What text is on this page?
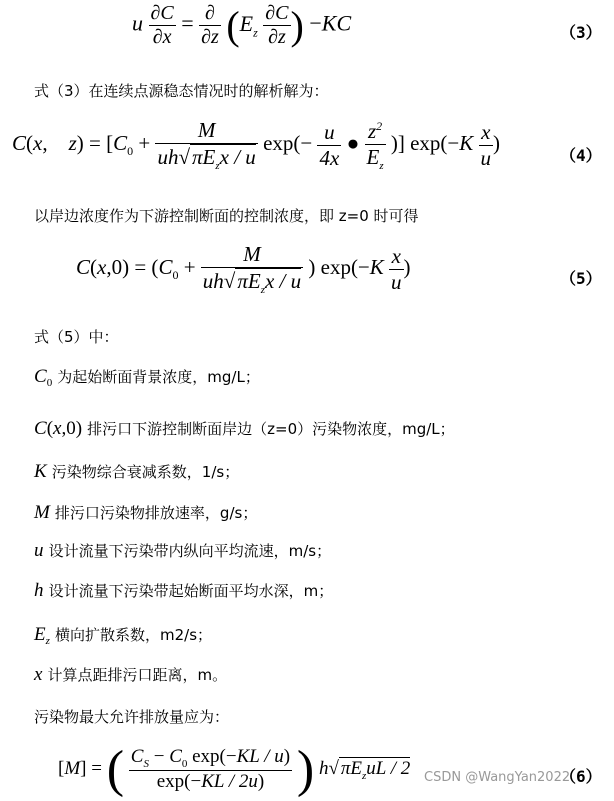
u $\frac{\partial C}{\partial x} = \frac{\partial}{\partial z} (E_z \frac{\partial C}{\partial z}$ ) −KC	（3）
式（3）在连续点源稳态情况时的解析解为：
C(x,　$z) = [C_0 + \frac{M}{uh√\pi E_zx / u} \exp(- \frac{u}{4x}$ ● $\frac{z^2}{E_z}$ )] $\exp(-K \frac{x}{u}$ )
（4）
以岸边浓度作为下游控制断面的控制浓度，即 z=0 时可得
$C(x,0) = (C_0 + \frac{M}{uh√\pi E_zx / u}$ ) $\exp(-K \frac{x}{u}$ )	（5）
式（5）中：
$C_0$ 为起始断面背景浓度，mg/L；
C(x,0) 排污口下游控制断面岸边（z=0）污染物浓度，mg/L；
K 污染物综合衰减系数，1/s；
M 排污口污染物排放速率，g/s；
u 设计流量下污染带内纵向平均流速，m/s；
h 设计流量下污染带起始断面平均水深，m；
$E_z$ 横向扩散系数，m2/s；
x 计算点距排污口距离，m。
污染物最大允许排放量应为：
[M] = ( $\frac{C_S - C_0 \exp(-KL / u)}{\exp(-KL / 2u)}$ ) h√ $\pi E_zuL / 2$	（6）
CSDN @WangYan2022
